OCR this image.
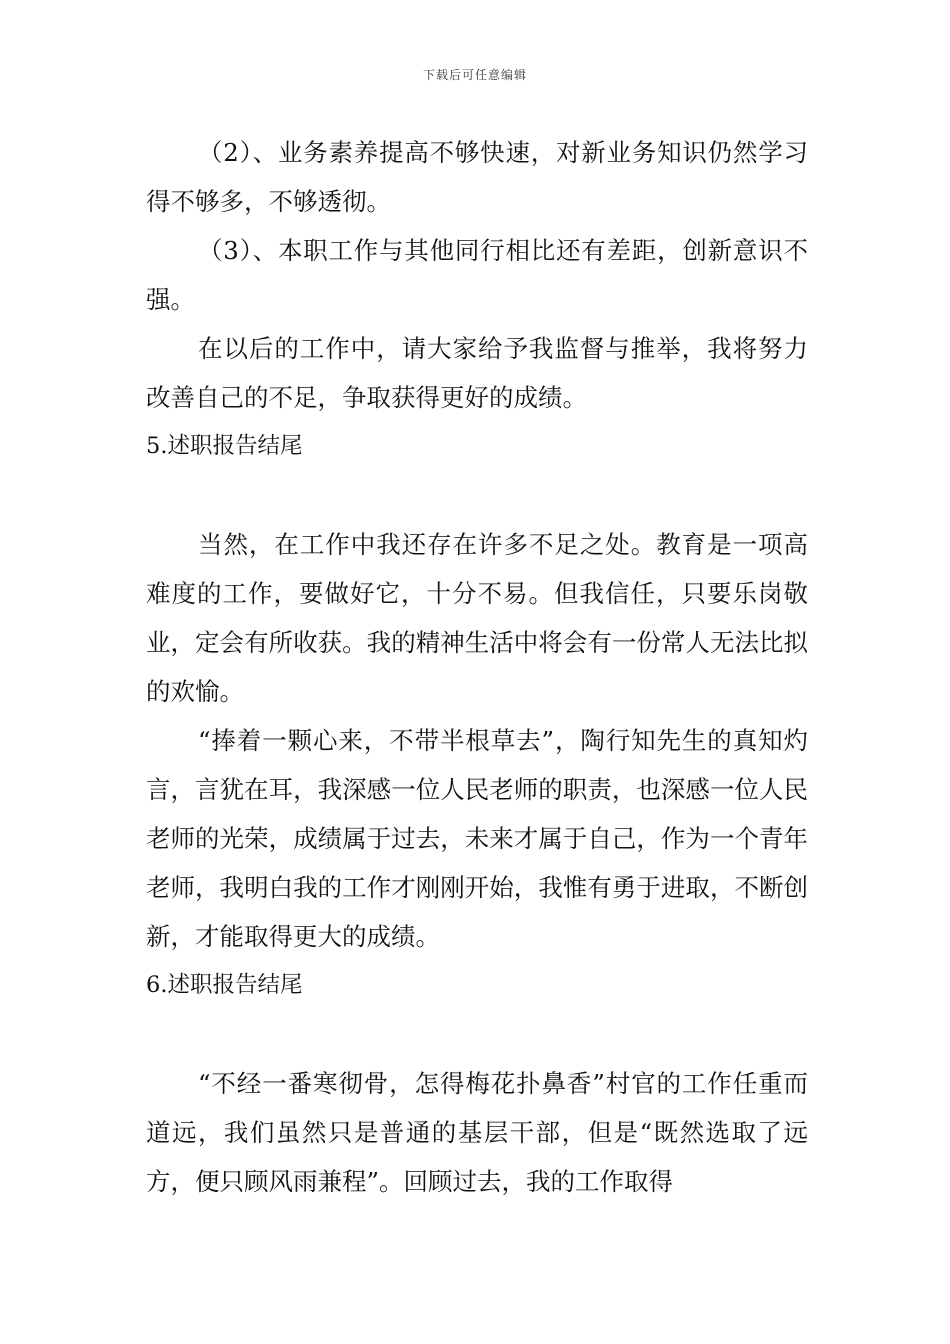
下载后可任意编辑

（2）、业务素养提高不够快速，对新业务知识仍然学习得不够多，不够透彻。

（3）、本职工作与其他同行相比还有差距，创新意识不强。

在以后的工作中，请大家给予我监督与推举，我将努力改善自己的不足，争取获得更好的成绩。

5.述职报告结尾

当然，在工作中我还存在许多不足之处。教育是一项高难度的工作，要做好它，十分不易。但我信任，只要乐岗敬业，定会有所收获。我的精神生活中将会有一份常人无法比拟的欢愉。

“捧着一颗心来，不带半根草去”，陶行知先生的真知灼言，言犹在耳，我深感一位人民老师的职责，也深感一位人民老师的光荣，成绩属于过去，未来才属于自己，作为一个青年老师，我明白我的工作才刚刚开始，我惟有勇于进取，不断创新，才能取得更大的成绩。

6.述职报告结尾

“不经一番寒彻骨，怎得梅花扑鼻香”村官的工作任重而道远，我们虽然只是普通的基层干部，但是“既然选取了远方，便只顾风雨兼程”。回顾过去，我的工作取得
